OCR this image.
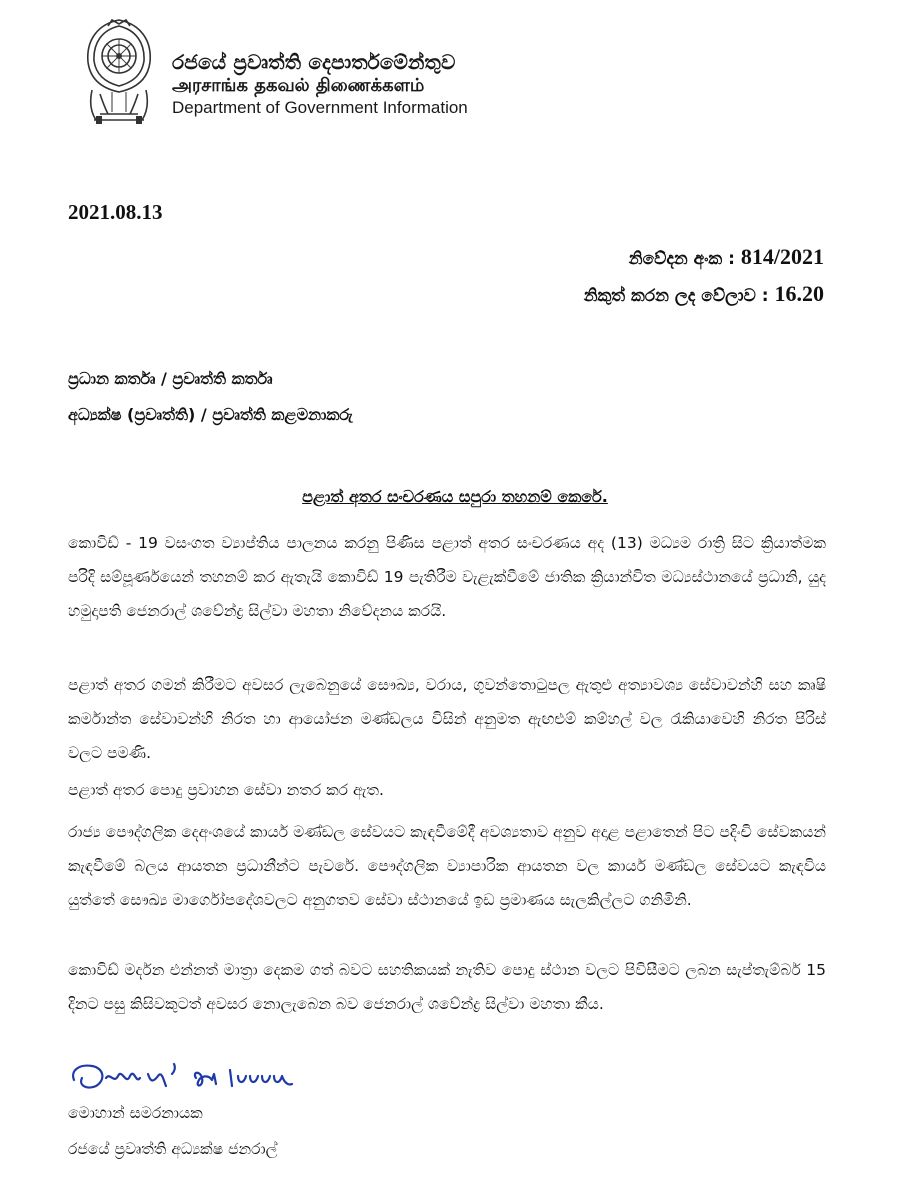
රජයේ ප්‍රවෘත්ති දෙපාර්තමේන්තුව
அரசாங்க தகவல் திணைக்களம்
Department of Government Information
2021.08.13
නිවේදන අංක : 814/2021
නිකුත් කරන ලද වේලාව : 16.20
ප්‍රධාන කර්තෘ / ප්‍රවෘත්ති කර්තෘ
අධ්‍යක්ෂ (ප්‍රවෘත්ති) / ප්‍රවෘත්ති කළමනාකරු
පළාත් අතර සංචරණය සපුරා තහනම් කෙරේ.

කොවිඩ් - 19 වසංගත ව්‍යාප්තිය පාලනය කරනු පිණිස පළාත් අතර සංචරණය අද (13) මධ්‍යම රාත්‍රි සිට ක්‍රියාත්මක පරිදි සම්පූර්ණයෙන් තහනම් කර ඇතැයි කොවිඩ් 19 පැතිරීම වැළැක්වීමේ ජාතික ක්‍රියාන්විත මධ්‍යස්ථානයේ ප්‍රධානි, යුද හමුදාපති ජෙනරාල් ශවේන්ද්‍ර සිල්වා මහතා නිවේදනය කරයි.

පළාත් අතර ගමන් කිරීමට අවසර ලැබෙනුයේ සෞඛ්‍ය, වරාය, ගුවන්තොටුපල ඇතුළු අත්‍යාවශ්‍ය සේවාවන්හි සහ කෘෂි කර්මාන්ත සේවාවන්හි නිරත හා ආයෝජන මණ්ඩලය විසින් අනුමත ඇඟළුම් කම්හල් වල රැකියාවෙහි නිරත පිරිස් වලට පමණි.

පළාත් අතර පොදු ප්‍රවාහන සේවා නතර කර ඇත.

රාජ්‍ය පෞද්ගලික දෙඅංශයේ කාර්ය මණ්ඩල සේවයට කැඳවීමේදී අවශ්‍යතාව අනුව අදාළ පළාතෙන් පිට පදිංචි සේවකයන් කැඳවීමේ බලය ආයතන ප්‍රධානීන්ට පැවරේ. පෞද්ගලික ව්‍යාපාරික ආයතන වල කාර්ය මණ්ඩල සේවයට කැඳවිය යුත්තේ සෞඛ්‍ය මාර්ගෝපදේශවලට අනුගතව සේවා ස්ථානයේ ඉඩ ප්‍රමාණය සැලකිල්ලට ගනිමිනි.

කොවිඩ් මර්දන එන්නත් මාත්‍රා දෙකම ගත් බවට සහතිකයක් නැතිව පොදු ස්ථාන වලට පිවිසීමට ලබන සැප්තැම්බර් 15 දිනට පසු කිසිවකුටත් අවසර නොලැබෙන බව ජෙනරාල් ශවේන්ද්‍ර සිල්වා මහතා කීය.

මොහාන් සමරනායක
රජයේ ප්‍රවෘත්ති අධ්‍යක්ෂ ජනරාල්
